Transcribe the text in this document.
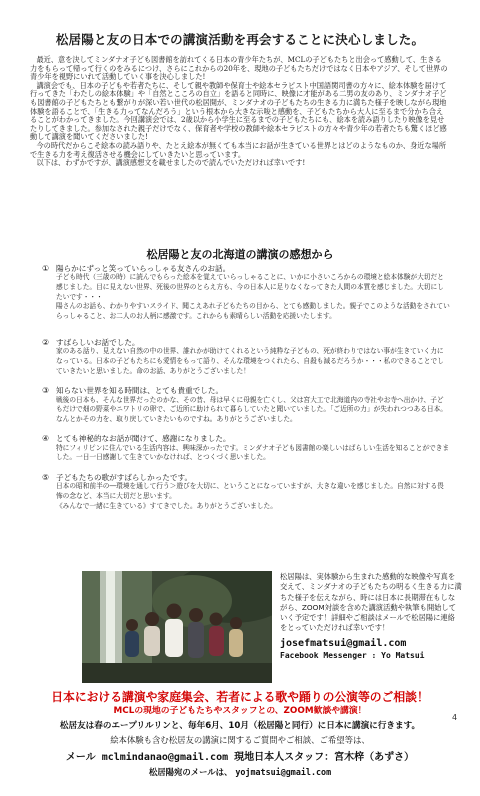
松居陽と友の日本での講演活動を再会することに決心しました。

最近、意を決してミンダナオ子ども図書館を訪れてくる日本の青少年たちが、MCLの子どもたちと出会って感動して、生きる力をもらって帰って行くのをみるにつけ、さらにこれからの20年を、現地の子どもたちだけではなく日本やアジア、そして世界の青少年を視野にいれて活動していく事を決心しました!

講演会でも、日本の子どもや若者たちに、そして親や教師や保育士や絵本セラピスト中国語関司書の方々に、絵本体験を届けて行ってきた「わたしの絵本体験」や「自然とこころの自立」を語ると同時に、映像に才能がある二男の友のあり、ミンダナオ子ども図書館の子どもたちとも繋がりが深い若い世代の松居開が、ミンダナオの子どもたちの生きる力に満ちた様子を映しながら現地体験を語ることで、「生きる力ってなんだろう」という根本から大きな示唆と感動を、子どもたちから大人に至るまで分かち合えることがわかってきました。今回講演会では、2歳以から小学生に至るまでの子どもたちにも、絵本を読み語りしたり映像を見せたりしてきました。参加なされた親子だけでなく、保育者や学校の教師や絵本セラピストの方々や青少年の若者たちも驚くほど感動して講演を聞いてくださいました!

今の時代だからこそ絵本の読み語りや、たとえ絵本が無くても本当にお話が生きている世界とはどのようなものか、身近な場所で生きる力を考え復活させる機会にしていきたいと思っています。

以下は、わずかですが、講演感想文を載せましたので読んでいただければ幸いです!

松居陽と友の北海道の講演の感想から
① 陽らかにずっと笑っていらっしゃる友さんのお話。
子ども時代（三歳の時）に読んでもらった絵本を覚えていらっしゃることに、いかに小さいころからの環境と絵本体験が大切だと感じました。目に見えない世界、死後の世界のとらえ方も、今の日本人に足りなくなってきた人間の本質を感じました。大切にしたいです・・・
陽さんのお話も、わかりやすいスライド、聞こえあれ子どもたちの目から、とても感動しました。親子でこのような活動をされていらっしゃること、お二人のお人柄に感激です。これからも素晴らしい活動を応援いたします。
② すばらしいお話でした。
家のある話り、見えない自然の中の世界、誰れかが助けてくれるという純粋な子どもの、死が終わりではない事が生きていく力になっている。日本の子どもたちにも愛情をもって語り、そんな環境をつくれたら、自殺も減るだろうか・・・私のできることでしていきたいと思いました。命のお話、ありがとうございました！
③ 知らない世界を知る時間は、とても貴重でした。
戦後の日本も、そんな世界だったのかな、その昔、母は早くに母親を亡くし、父は宮大工で北海道内の寺社やお寺へ出かけ、子どもだけで畑の野菜やニワトリの卵で、ご近所に助けられて暮らしていたと聞いていました。「ご近所の力」が失われつつある日本。なんとかその力を、取り戻していきたいものですね。ありがとうございました。
④ とても神秘的なお話が聞けて、感謝になりました。
特にフィリピンに住んでいる生活内容は、興味深かったです。ミンダナオ子ども図書館の楽しいはばらしい生活を知ることができました。一日一日感謝して生きていかなければ、とつくづく思いました。
⑤ 子どもたちの歌がすばらしかったです。
日本の昭和前半の―環境を通して行う＞遊びを大切に、ということになっていますが、大きな違いを感じました。自然に対する畏怖の念など、本当に大切だと思います。
《みんなで一緒に生きている》すてきでした。ありがとうございました。
松居陽は、実体験から生まれた感動的な映像や写真を交えて、ミンダナオの子どもたちの明るく生きる力に満ちた様子を伝えながら、時には日本に長期滞在もしながら、ZOOM対談を含めた講演活動や執筆も開始していく予定です！詳細やご相談はメールで松居陽に連絡をとっていただければ幸いです！
josefmatsui@gmail.com
Facebook Messenger : Yo Matsui
日本における講演や家庭集会、若者による歌や踊りの公演等のご相談！
MCLの現地の子どもたちやスタッフとの、ZOOM歓談や講演！
4
松居友は春のエープリルリンと、毎年6月、10月（松居陽と同行）に日本に講演に行きます。
絵本体験も含む松居友の講演に関するご質問やご相談、ご希望等は、
メール mclmindanao@gmail.com 現地日本人スタッフ：宮木梓（あずさ）
松居陽宛のメールは、 yojmatsui@gmail.com
